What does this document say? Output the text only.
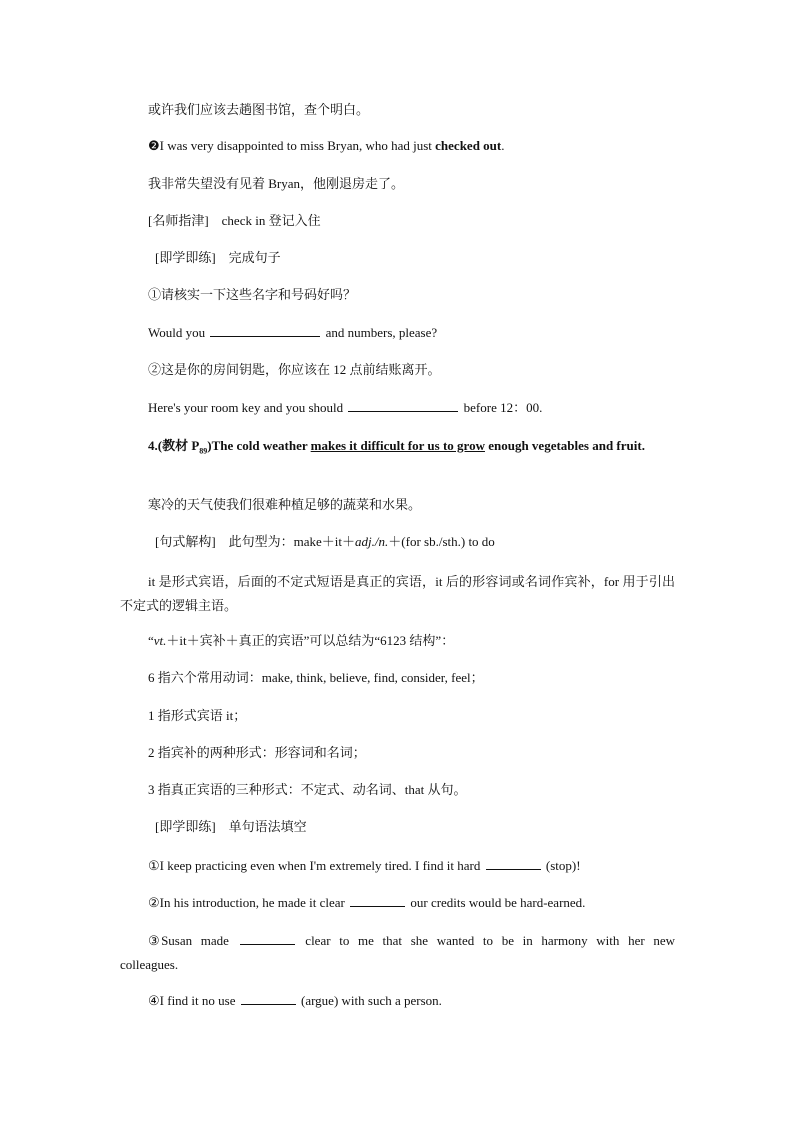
或许我们应该去趟图书馆，查个明白。
❷I was very disappointed to miss Bryan, who had just checked out.
我非常失望没有见着 Bryan，他刚退房走了。
[名师指津]　check in 登记入住
[即学即练]　完成句子
①请核实一下这些名字和号码好吗？
Would you	and numbers, please?
②这是你的房间钥匙，你应该在 12 点前结账离开。
Here's your room key and you should	before 12：00.
4.(教材 $P_{89})The$ cold weather makes it difficult for us to grow enough vegetables and fruit.
寒冷的天气使我们很难种植足够的蔬菜和水果。
[句式解构]　此句型为：make＋it＋adj./n.＋(for sb./sth.) to do
it 是形式宾语，后面的不定式短语是真正的宾语，it 后的形容词或名词作宾补，for 用于引出不定式的逻辑主语。
“vt.＋it＋宾补＋真正的宾语”可以总结为“6123 结构”：
6 指六个常用动词：make, think, believe, find, consider, feel；
1 指形式宾语 it；
2 指宾补的两种形式：形容词和名词；
3 指真正宾语的三种形式：不定式、动名词、that 从句。
[即学即练]　单句语法填空
①I keep practicing even when I'm extremely tired. I find it hard	(stop)!
②In his introduction, he made it clear	our credits would be hard-earned.
③Susan made	clear to me that she wanted to be in harmony with her new colleagues.
④I find it no use	(argue) with such a person.
